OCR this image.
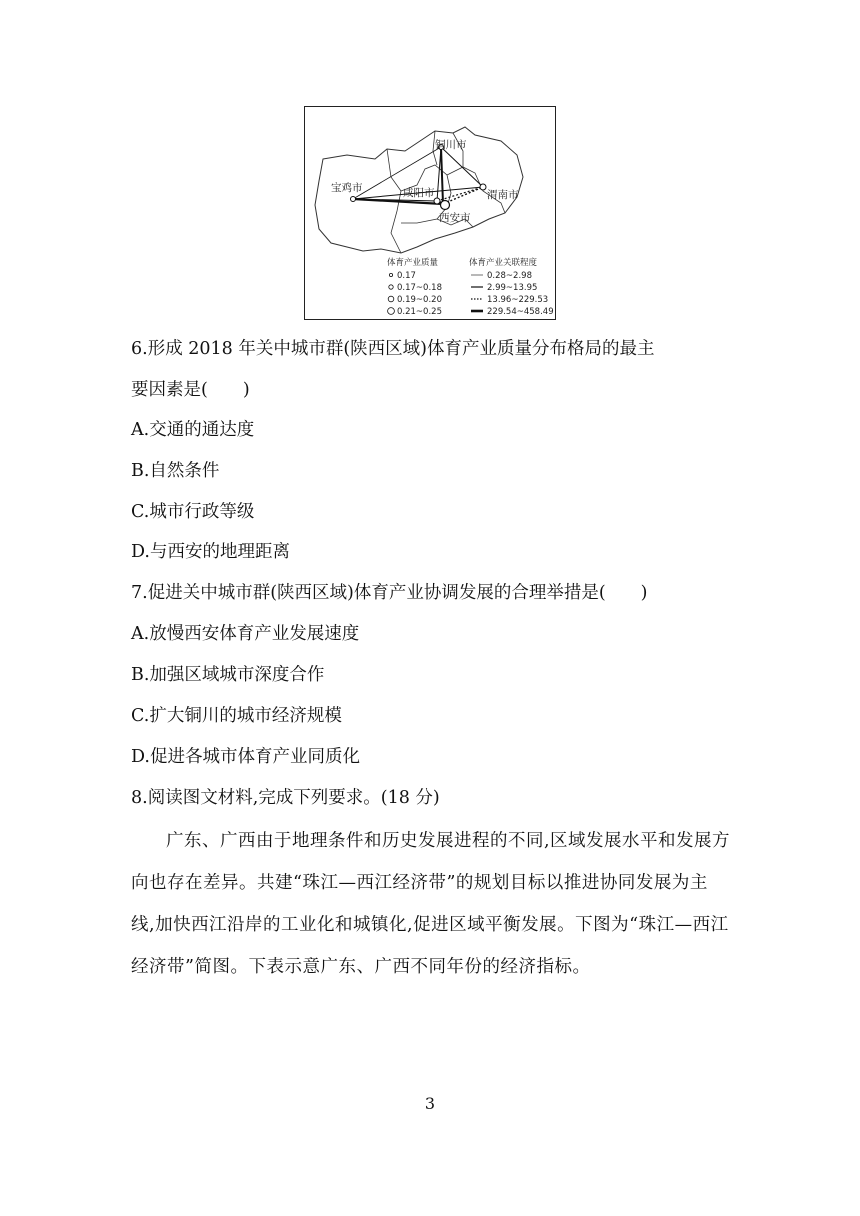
铜川市
宝鸡市	咸阳市	渭南市
西安市
体育产业质量	体育产业关联程度
0.17
0.17~0.18
0.19~0.20
0.21~0.25
0.28~2.98
2.99~13.95
13.96~229.53
229.54~458.49
6.形成 2018 年关中城市群(陕西区域)体育产业质量分布格局的最主
要因素是(　　)
A.交通的通达度
B.自然条件
C.城市行政等级
D.与西安的地理距离
7.促进关中城市群(陕西区域)体育产业协调发展的合理举措是(　　)
A.放慢西安体育产业发展速度
B.加强区域城市深度合作
C.扩大铜川的城市经济规模
D.促进各城市体育产业同质化
8.阅读图文材料,完成下列要求。(18 分)
广东、广西由于地理条件和历史发展进程的不同,区域发展水平和发展方向也存在差异。共建“珠江—西江经济带”的规划目标以推进协同发展为主线,加快西江沿岸的工业化和城镇化,促进区域平衡发展。下图为“珠江—西江经济带”简图。下表示意广东、广西不同年份的经济指标。
3
